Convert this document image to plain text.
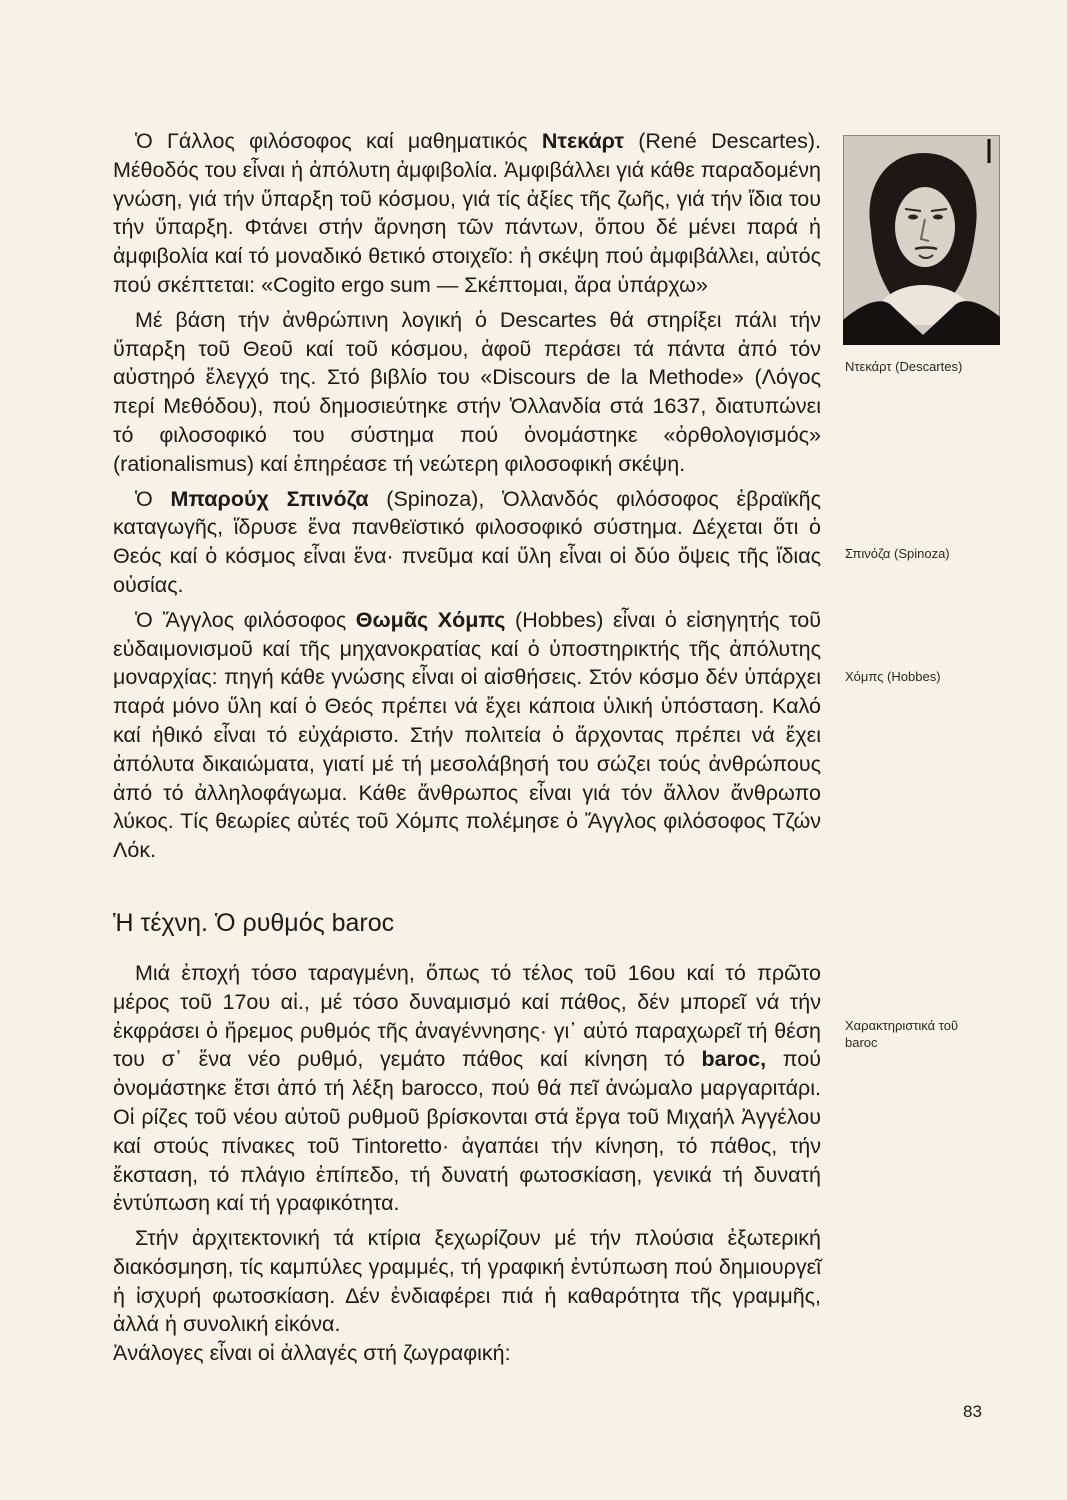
Ντεκάρτ (Descartes)
Σπινόζα (Spinoza)
Χόμπς (Hobbes)
Χαρακτηριστικά τοῦ baroc

Ὁ Γάλλος φιλόσοφος καί μαθηματικός Ντεκάρτ (René Descartes). Μέθοδός του εἶναι ἡ ἀπόλυτη ἀμφιβολία. Ἀμφιβάλλει γιά κάθε παραδομένη γνώση, γιά τήν ὕπαρξη τοῦ κόσμου, γιά τίς ἀξίες τῆς ζωῆς, γιά τήν ἴδια του τήν ὕπαρξη. Φτάνει στήν ἄρνηση τῶν πάντων, ὅπου δέ μένει παρά ἡ ἀμφιβολία καί τό μοναδικό θετικό στοιχεῖο: ἡ σκέψη πού ἀμφιβάλλει, αὐτός πού σκέπτεται: «Cogito ergo sum — Σκέπτομαι, ἄρα ὑπάρχω»

Μέ βάση τήν ἀνθρώπινη λογική ὁ Descartes θά στηρίξει πάλι τήν ὕπαρξη τοῦ Θεοῦ καί τοῦ κόσμου, ἀφοῦ περάσει τά πάντα ἀπό τόν αὐστηρό ἔλεγχό της. Στό βιβλίο του «Discours de la Methode» (Λόγος περί Μεθόδου), πού δημοσιεύτηκε στήν Ὁλλανδία στά 1637, διατυπώνει τό φιλοσοφικό του σύστημα πού ὀνομάστηκε «ὀρθολογισμός» (rationalismus) καί ἐπηρέασε τή νεώτερη φιλοσοφική σκέψη.

Ὁ Μπαρούχ Σπινόζα (Spinoza), Ὁλλανδός φιλόσοφος ἑβραϊκῆς καταγωγῆς, ἵδρυσε ἕνα πανθεϊστικό φιλοσοφικό σύστημα. Δέχεται ὅτι ὁ Θεός καί ὁ κόσμος εἶναι ἕνα· πνεῦμα καί ὕλη εἶναι οἱ δύο ὄψεις τῆς ἴδιας οὐσίας.

Ὁ Ἄγγλος φιλόσοφος Θωμᾶς Χόμπς (Hobbes) εἶναι ὁ εἰσηγητής τοῦ εὐδαιμονισμοῦ καί τῆς μηχανοκρατίας καί ὁ ὑποστηρικτής τῆς ἀπόλυτης μοναρχίας: πηγή κάθε γνώσης εἶναι οἱ αἰσθήσεις. Στόν κόσμο δέν ὑπάρχει παρά μόνο ὕλη καί ὁ Θεός πρέπει νά ἔχει κάποια ὑλική ὑπόσταση. Καλό καί ἠθικό εἶναι τό εὐχάριστο. Στήν πολιτεία ὁ ἄρχοντας πρέπει νά ἔχει ἀπόλυτα δικαιώματα, γιατί μέ τή μεσολάβησή του σώζει τούς ἀνθρώπους ἀπό τό ἀλληλοφάγωμα. Κάθε ἄνθρωπος εἶναι γιά τόν ἄλλον ἄνθρωπο λύκος. Τίς θεωρίες αὐτές τοῦ Χόμπς πολέμησε ὁ Ἄγγλος φιλόσοφος Τζών Λόκ.

Ἡ τέχνη. Ὁ ρυθμός baroc

Μιά ἐποχή τόσο ταραγμένη, ὅπως τό τέλος τοῦ 16ου καί τό πρῶτο μέρος τοῦ 17ου αἰ., μέ τόσο δυναμισμό καί πάθος, δέν μπορεῖ νά τήν ἐκφράσει ὁ ἤρεμος ρυθμός τῆς ἀναγέννησης· γι᾿ αὐτό παραχωρεῖ τή θέση του σ᾿ ἕνα νέο ρυθμό, γεμάτο πάθος καί κίνηση τό baroc, πού ὀνομάστηκε ἔτσι ἀπό τή λέξη barocco, πού θά πεῖ ἀνώμαλο μαργαριτάρι. Οἱ ρίζες τοῦ νέου αὐτοῦ ρυθμοῦ βρίσκονται στά ἔργα τοῦ Μιχαήλ Ἀγγέλου καί στούς πίνακες τοῦ Tintoretto· ἀγαπάει τήν κίνηση, τό πάθος, τήν ἔκσταση, τό πλάγιο ἐπίπεδο, τή δυνατή φωτοσκίαση, γενικά τή δυνατή ἐντύπωση καί τή γραφικότητα.

Στήν ἀρχιτεκτονική τά κτίρια ξεχωρίζουν μέ τήν πλούσια ἐξωτερική διακόσμηση, τίς καμπύλες γραμμές, τή γραφική ἐντύπωση πού δημιουργεῖ ἡ ἰσχυρή φωτοσκίαση. Δέν ἐνδιαφέρει πιά ἡ καθαρότητα τῆς γραμμῆς, ἀλλά ἡ συνολική εἰκόνα.

Ἀνάλογες εἶναι οἱ ἀλλαγές στή ζωγραφική:

83
